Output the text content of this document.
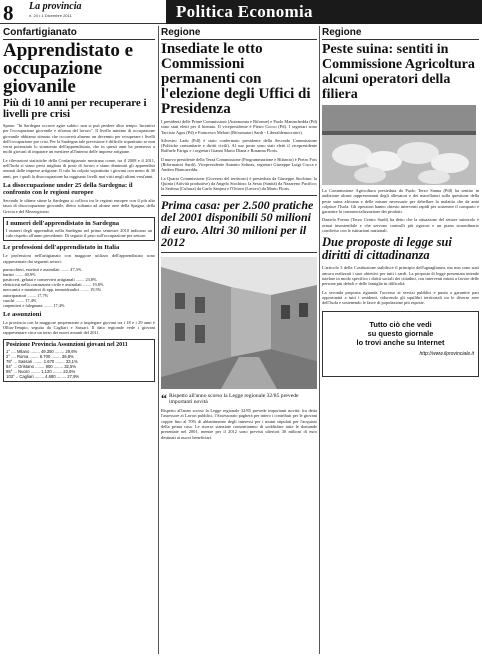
8 La provincia
n. 24 • 1 Dicembre 2011	Politica Economia
Confartigianato
Apprendistato e occupazione giovanile
Più di 10 anni per recuperare i livelli pre crisi

Spano: "In Sardegna occorre agire subito: non si può perdere altro tempo. Incentivi per l'occupazione giovanile e riforma del lavoro". Il livello minimo di occupazione giovanile abbiamo stimato che occorrerà almeno un decennio per recuperare i livelli dell'occupazione pre crisi. Per la Sardegna tale previsione è difficile soprattutto se non verrà potenziato lo strumento dell'apprendistato, che in questi anni ha permesso a molti giovani di imparare un mestiere all'interno delle imprese artigiane.

Le rilevazioni statistiche della Confartigianato mostrano come, tra il 2008 e il 2011, nell'Isola si siano persi migliaia di posti di lavoro e siano diminuiti gli apprendisti assunti dalle imprese artigiane. Il calo ha colpito soprattutto i giovani con meno di 30 anni, per i quali la disoccupazione ha raggiunto livelli mai visti negli ultimi vent'anni.

La disoccupazione under 25 della Sardegna: il confronto con le regioni europee

Secondo le ultime stime la Sardegna si colloca tra le regioni europee con il più alto tasso di disoccupazione giovanile, dietro soltanto ad alcune aree della Spagna, della Grecia e del Mezzogiorno.

I numeri dell'apprendistato in Sardegna

I numeri degli apprendisti nella Sardegna nel primo semestre 2010 indicano un calo rispetto all'anno precedente. Di seguito il peso sull'occupazione per settore.

Le professioni dell'apprendistato in Italia

Le professioni nell'artigianato con maggiore utilizzo dell'apprendistato sono rappresentate dai seguenti settori:

parrucchieri, estetisti e assimilati ........ 47,3%
baristi ........ 40,9%
pasticceri, gelatai e conservieri artigianali ........ 23,8%
elettricisti nella costruzione civile e assimilati ........ 19,8%
meccanici e montatori di app. termoidraulici ........ 19,5%
autoriparatori ........ 17,7%
cuochi ........ 17,4%
carpentieri e falegnami ........ 17,4%
Le assunzioni

La provincia con la maggiore propensione a impiegare giovani tra i 18 e i 29 anni è Olbia-Tempio, seguita da Cagliari e Sassari. Il dato regionale vede i giovani rappresentare circa un terzo dei nuovi assunti del 2011.

Posizione Provincia Assunzioni giovani nel 2011
1° .... Milano ........ 49.350 ........ 29,6%
2° .... Roma ........ 6.700 ........ 36,8%
78° ... Sassari ........ 1.670 ........ 33,1%
84° ... Oristano ........ 800 ........ 32,5%
95° ... Nuoro ........ 1.120 ........ 22,6%
103° .. Cagliari ........ 4.680 ........ 27,9%
Regione
Insediate le otto Commissioni permanenti con l'elezione degli Uffici di Presidenza

I presidenti delle Prime Commissioni (Autonomia e Riforme) e Paolo Maninchedda (Pd) sono stati eletti per il biennio. Il vicepresidente è Pietro Cocco (Pd). I segretari sono Tarcisio Agus (Pd) e Francesco Meloni (Riformatori Sardi - Liberaldemocratici).

Silvestro Ladu (Pdl) è stato confermato presidente della Seconda Commissione (Politiche comunitarie e diritti civili). Al suo posto sono stati eletti il vicepresidente Raffaele Farigu e i segretari Gianni Mario Diana e Rosanna Floris.

Il nuovo presidente della Terza Commissione (Programmazione e Bilancio) è Pietro Fois (Riformatori Sardi). Vicepresidente Antonio Solinas, segretari Giuseppe Luigi Cucca e Andrea Biancareddu.

La Quarta Commissione (Governo del territorio) è presieduta da Giuseppe Stochino; la Quinta (Attività produttive) da Angelo Stochino; la Sesta (Sanità) da Nazareno Pacifico; la Settima (Cultura) da Carlo Sanjust e l'Ottava (Lavoro) da Mario Floris.

Prima casa: per 2.500 pratiche del 2001 disponibili 50 milioni di euro. Altri 30 milioni per il 2012
“ Rispetto all'anno scorso la Legge regionale 32/85 prevede importanti novità

Rispetto all'anno scorso la Legge regionale 32/85 prevede importanti novità: fra detta l'assessore ai Lavori pubblici, l'Assessorato pagherà per intero i contributi per le giovani coppie fino al 70% di abbattimento degli interessi per i mutui stipulati per l'acquisto della prima casa. Le risorse stanziate consentiranno di soddisfare tutte le domande presentate nel 2001, mentre per il 2012 sono previsti ulteriori 30 milioni di euro destinati ai nuovi beneficiari.

Regione
Peste suina: sentiti in Commissione Agricoltura alcuni operatori della filiera

La Commissione Agricoltura presieduta da Paolo Terzo Sanna (Pdl) ha sentito in audizione alcuni rappresentanti degli allevatori e dei macellatori sulla questione della peste suina africana e delle misure necessarie per debellare la malattia che da anni colpisce l'Isola. Gli operatori hanno chiesto interventi rapidi per sostenere il comparto e garantire la commercializzazione dei prodotti.

Daniela Forma (Terzo Centro Sardi) ha detto che la situazione del settore suinicolo è ormai insostenibile e che servono controlli più rigorosi e un piano straordinario condiviso con le istituzioni nazionali.

Due proposte di legge sui diritti di cittadinanza

L'articolo 3 della Costituzione stabilisce il principio dell'uguaglianza, ma non sono stati ancora realizzati i suoi obiettivi per tutti i sardi. La proposta di legge presentata intende tutelare in modo specifico i diritti sociali dei cittadini, con interventi mirati a favore delle persone più deboli e delle famiglie in difficoltà.

La seconda proposta riguarda l'accesso ai servizi pubblici e punta a garantire pari opportunità a tutti i residenti, riducendo gli squilibri territoriali tra le diverse aree dell'Isola e sostenendo le fasce di popolazione più esposte.

Tutto ciò che vedi
su questo giornale
lo trovi anche su Internet
http://www.ilprovinciale.it
